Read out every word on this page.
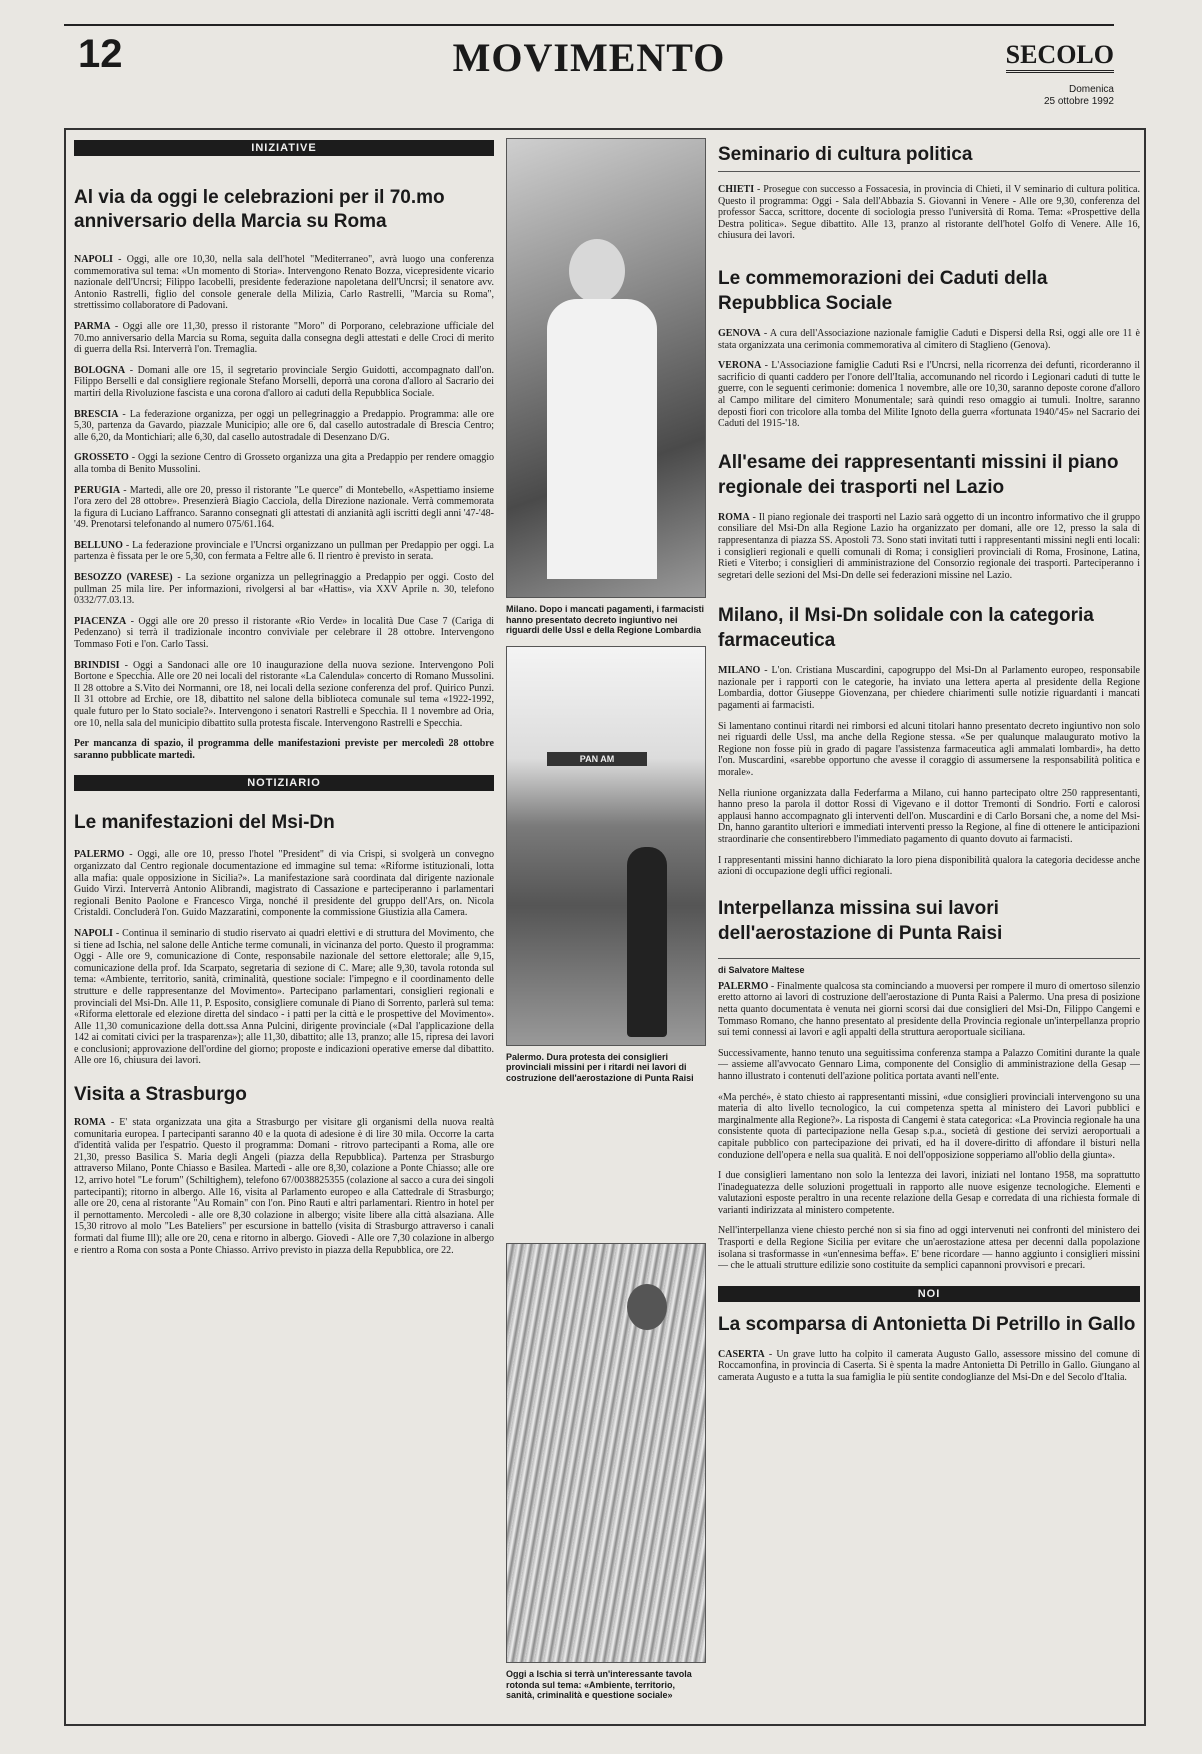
12	MOVIMENTO	SECOLO
Domenica
25 ottobre 1992
INIZIATIVE
Al via da oggi le celebrazioni per il 70.mo anniversario della Marcia su Roma

NAPOLI - Oggi, alle ore 10,30, nella sala dell'hotel "Mediterraneo", avrà luogo una conferenza commemorativa sul tema: «Un momento di Storia». Intervengono Renato Bozza, vicepresidente vicario nazionale dell'Uncrsi; Filippo Iacobelli, presidente federazione napoletana dell'Uncrsi; il senatore avv. Antonio Rastrelli, figlio del console generale della Milizia, Carlo Rastrelli, "Marcia su Roma", strettissimo collaboratore di Padovani.

PARMA - Oggi alle ore 11,30, presso il ristorante "Moro" di Porporano, celebrazione ufficiale del 70.mo anniversario della Marcia su Roma, seguita dalla consegna degli attestati e delle Croci di merito di guerra della Rsi. Interverrà l'on. Tremaglia.

BOLOGNA - Domani alle ore 15, il segretario provinciale Sergio Guidotti, accompagnato dall'on. Filippo Berselli e dal consigliere regionale Stefano Morselli, deporrà una corona d'alloro al Sacrario dei martiri della Rivoluzione fascista e una corona d'alloro ai caduti della Repubblica Sociale.

BRESCIA - La federazione organizza, per oggi un pellegrinaggio a Predappio. Programma: alle ore 5,30, partenza da Gavardo, piazzale Municipio; alle ore 6, dal casello autostradale di Brescia Centro; alle 6,20, da Montichiari; alle 6,30, dal casello autostradale di Desenzano D/G.

GROSSETO - Oggi la sezione Centro di Grosseto organizza una gita a Predappio per rendere omaggio alla tomba di Benito Mussolini.

PERUGIA - Martedì, alle ore 20, presso il ristorante "Le querce" di Montebello, «Aspettiamo insieme l'ora zero del 28 ottobre». Presenzierà Biagio Cacciola, della Direzione nazionale. Verrà commemorata la figura di Luciano Laffranco. Saranno consegnati gli attestati di anzianità agli iscritti degli anni '47-'48-'49. Prenotarsi telefonando al numero 075/61.164.

BELLUNO - La federazione provinciale e l'Uncrsi organizzano un pullman per Predappio per oggi. La partenza è fissata per le ore 5,30, con fermata a Feltre alle 6. Il rientro è previsto in serata.

BESOZZO (VARESE) - La sezione organizza un pellegrinaggio a Predappio per oggi. Costo del pullman 25 mila lire. Per informazioni, rivolgersi al bar «Hattis», via XXV Aprile n. 30, telefono 0332/77.03.13.

PIACENZA - Oggi alle ore 20 presso il ristorante «Rio Verde» in località Due Case 7 (Cariga di Pedenzano) si terrà il tradizionale incontro conviviale per celebrare il 28 ottobre. Intervengono Tommaso Foti e l'on. Carlo Tassi.

BRINDISI - Oggi a Sandonaci alle ore 10 inaugurazione della nuova sezione. Intervengono Poli Bortone e Specchia. Alle ore 20 nei locali del ristorante «La Calendula» concerto di Romano Mussolini. Il 28 ottobre a S.Vito dei Normanni, ore 18, nei locali della sezione conferenza del prof. Quirico Punzi. Il 31 ottobre ad Erchie, ore 18, dibattito nel salone della biblioteca comunale sul tema «1922-1992, quale futuro per lo Stato sociale?». Intervengono i senatori Rastrelli e Specchia. Il 1 novembre ad Oria, ore 10, nella sala del municipio dibattito sulla protesta fiscale. Intervengono Rastrelli e Specchia.

Per mancanza di spazio, il programma delle manifestazioni previste per mercoledì 28 ottobre saranno pubblicate martedì.

NOTIZIARIO
Le manifestazioni del Msi-Dn

PALERMO - Oggi, alle ore 10, presso l'hotel "President" di via Crispi, si svolgerà un convegno organizzato dal Centro regionale documentazione ed immagine sul tema: «Riforme istituzionali, lotta alla mafia: quale opposizione in Sicilia?». La manifestazione sarà coordinata dal dirigente nazionale Guido Virzì. Interverrà Antonio Alibrandi, magistrato di Cassazione e parteciperanno i parlamentari regionali Benito Paolone e Francesco Virga, nonché il presidente del gruppo dell'Ars, on. Nicola Cristaldi. Concluderà l'on. Guido Mazzaratini, componente la commissione Giustizia alla Camera.

NAPOLI - Continua il seminario di studio riservato ai quadri elettivi e di struttura del Movimento, che si tiene ad Ischia, nel salone delle Antiche terme comunali, in vicinanza del porto. Questo il programma: Oggi - Alle ore 9, comunicazione di Conte, responsabile nazionale del settore elettorale; alle 9,15, comunicazione della prof. Ida Scarpato, segretaria di sezione di C. Mare; alle 9,30, tavola rotonda sul tema: «Ambiente, territorio, sanità, criminalità, questione sociale: l'impegno e il coordinamento delle strutture e delle rappresentanze del Movimento». Partecipano parlamentari, consiglieri regionali e provinciali del Msi-Dn. Alle 11, P. Esposito, consigliere comunale di Piano di Sorrento, parlerà sul tema: «Riforma elettorale ed elezione diretta del sindaco - i patti per la città e le prospettive del Movimento». Alle 11,30 comunicazione della dott.ssa Anna Pulcini, dirigente provinciale («Dal l'applicazione della 142 ai comitati civici per la trasparenza»); alle 11,30, dibattito; alle 13, pranzo; alle 15, ripresa dei lavori e conclusioni; approvazione dell'ordine del giorno; proposte e indicazioni operative emerse dal dibattito. Alle ore 16, chiusura dei lavori.

Visita a Strasburgo

ROMA - E' stata organizzata una gita a Strasburgo per visitare gli organismi della nuova realtà comunitaria europea. I partecipanti saranno 40 e la quota di adesione è di lire 30 mila. Occorre la carta d'identità valida per l'espatrio. Questo il programma: Domani - ritrovo partecipanti a Roma, alle ore 21,30, presso Basilica S. Maria degli Angeli (piazza della Repubblica). Partenza per Strasburgo attraverso Milano, Ponte Chiasso e Basilea. Martedì - alle ore 8,30, colazione a Ponte Chiasso; alle ore 12, arrivo hotel "Le forum" (Schiltighem), telefono 67/0038825355 (colazione al sacco a cura dei singoli partecipanti); ritorno in albergo. Alle 16, visita al Parlamento europeo e alla Cattedrale di Strasburgo; alle ore 20, cena al ristorante "Au Romain" con l'on. Pino Rauti e altri parlamentari. Rientro in hotel per il pernottamento. Mercoledì - alle ore 8,30 colazione in albergo; visite libere alla città alsaziana. Alle 15,30 ritrovo al molo "Les Bateliers" per escursione in battello (visita di Strasburgo attraverso i canali formati dal fiume Ill); alle ore 20, cena e ritorno in albergo. Giovedì - Alle ore 7,30 colazione in albergo e rientro a Roma con sosta a Ponte Chiasso. Arrivo previsto in piazza della Repubblica, ore 22.

Milano. Dopo i mancati pagamenti, i farmacisti hanno presentato decreto ingiuntivo nei riguardi delle Ussl e della Regione Lombardia
PAN AM
Palermo. Dura protesta dei consiglieri provinciali missini per i ritardi nei lavori di costruzione dell'aerostazione di Punta Raisi
Oggi a Ischia si terrà un'interessante tavola rotonda sul tema: «Ambiente, territorio, sanità, criminalità e questione sociale»
Seminario di cultura politica

CHIETI - Prosegue con successo a Fossacesia, in provincia di Chieti, il V seminario di cultura politica. Questo il programma: Oggi - Sala dell'Abbazia S. Giovanni in Venere - Alle ore 9,30, conferenza del professor Sacca, scrittore, docente di sociologia presso l'università di Roma. Tema: «Prospettive della Destra politica». Segue dibattito. Alle 13, pranzo al ristorante dell'hotel Golfo di Venere. Alle 16, chiusura dei lavori.

Le commemorazioni dei Caduti della Repubblica Sociale

GENOVA - A cura dell'Associazione nazionale famiglie Caduti e Dispersi della Rsi, oggi alle ore 11 è stata organizzata una cerimonia commemorativa al cimitero di Staglieno (Genova).

VERONA - L'Associazione famiglie Caduti Rsi e l'Uncrsi, nella ricorrenza dei defunti, ricorderanno il sacrificio di quanti caddero per l'onore dell'Italia, accomunando nel ricordo i Legionari caduti di tutte le guerre, con le seguenti cerimonie: domenica 1 novembre, alle ore 10,30, saranno deposte corone d'alloro al Campo militare del cimitero Monumentale; sarà quindi reso omaggio ai tumuli. Inoltre, saranno deposti fiori con tricolore alla tomba del Milite Ignoto della guerra «fortunata 1940/'45» nel Sacrario dei Caduti del 1915-'18.

All'esame dei rappresentanti missini il piano regionale dei trasporti nel Lazio

ROMA - Il piano regionale dei trasporti nel Lazio sarà oggetto di un incontro informativo che il gruppo consiliare del Msi-Dn alla Regione Lazio ha organizzato per domani, alle ore 12, presso la sala di rappresentanza di piazza SS. Apostoli 73. Sono stati invitati tutti i rappresentanti missini negli enti locali: i consiglieri regionali e quelli comunali di Roma; i consiglieri provinciali di Roma, Frosinone, Latina, Rieti e Viterbo; i consiglieri di amministrazione del Consorzio regionale dei trasporti. Parteciperanno i segretari delle sezioni del Msi-Dn delle sei federazioni missine nel Lazio.

Milano, il Msi-Dn solidale con la categoria farmaceutica

MILANO - L'on. Cristiana Muscardini, capogruppo del Msi-Dn al Parlamento europeo, responsabile nazionale per i rapporti con le categorie, ha inviato una lettera aperta al presidente della Regione Lombardia, dottor Giuseppe Giovenzana, per chiedere chiarimenti sulle notizie riguardanti i mancati pagamenti ai farmacisti.

Si lamentano continui ritardi nei rimborsi ed alcuni titolari hanno presentato decreto ingiuntivo non solo nei riguardi delle Ussl, ma anche della Regione stessa. «Se per qualunque malaugurato motivo la Regione non fosse più in grado di pagare l'assistenza farmaceutica agli ammalati lombardi», ha detto l'on. Muscardini, «sarebbe opportuno che avesse il coraggio di assumersene la responsabilità politica e morale».

Nella riunione organizzata dalla Federfarma a Milano, cui hanno partecipato oltre 250 rappresentanti, hanno preso la parola il dottor Rossi di Vigevano e il dottor Tremonti di Sondrio. Forti e calorosi applausi hanno accompagnato gli interventi dell'on. Muscardini e di Carlo Borsani che, a nome del Msi-Dn, hanno garantito ulteriori e immediati interventi presso la Regione, al fine di ottenere le anticipazioni straordinarie che consentirebbero l'immediato pagamento di quanto dovuto ai farmacisti.

I rappresentanti missini hanno dichiarato la loro piena disponibilità qualora la categoria decidesse anche azioni di occupazione degli uffici regionali.

Interpellanza missina sui lavori dell'aerostazione di Punta Raisi
di Salvatore Maltese

PALERMO - Finalmente qualcosa sta cominciando a muoversi per rompere il muro di omertoso silenzio eretto attorno ai lavori di costruzione dell'aerostazione di Punta Raisi a Palermo. Una presa di posizione netta quanto documentata è venuta nei giorni scorsi dai due consiglieri del Msi-Dn, Filippo Cangemi e Tommaso Romano, che hanno presentato al presidente della Provincia regionale un'interpellanza proprio sui temi connessi ai lavori e agli appalti della struttura aeroportuale siciliana.

Successivamente, hanno tenuto una seguitissima conferenza stampa a Palazzo Comitini durante la quale — assieme all'avvocato Gennaro Lima, componente del Consiglio di amministrazione della Gesap — hanno illustrato i contenuti dell'azione politica portata avanti nell'ente.

«Ma perché», è stato chiesto ai rappresentanti missini, «due consiglieri provinciali intervengono su una materia di alto livello tecnologico, la cui competenza spetta al ministero dei Lavori pubblici e marginalmente alla Regione?». La risposta di Cangemi è stata categorica: «La Provincia regionale ha una consistente quota di partecipazione nella Gesap s.p.a., società di gestione dei servizi aeroportuali a capitale pubblico con partecipazione dei privati, ed ha il dovere-diritto di affondare il bisturi nella conduzione dell'opera e nella sua qualità. E noi dell'opposizione sopperiamo all'oblio della giunta».

I due consiglieri lamentano non solo la lentezza dei lavori, iniziati nel lontano 1958, ma soprattutto l'inadeguatezza delle soluzioni progettuali in rapporto alle nuove esigenze tecnologiche. Elementi e valutazioni esposte peraltro in una recente relazione della Gesap e corredata di una richiesta formale di varianti indirizzata al ministero competente.

Nell'interpellanza viene chiesto perché non si sia fino ad oggi intervenuti nei confronti del ministero dei Trasporti e della Regione Sicilia per evitare che un'aerostazione attesa per decenni dalla popolazione isolana si trasformasse in «un'ennesima beffa». E' bene ricordare — hanno aggiunto i consiglieri missini — che le attuali strutture edilizie sono costituite da semplici capannoni provvisori e precari.

NOI
La scomparsa di Antonietta Di Petrillo in Gallo

CASERTA - Un grave lutto ha colpito il camerata Augusto Gallo, assessore missino del comune di Roccamonfina, in provincia di Caserta. Si è spenta la madre Antonietta Di Petrillo in Gallo. Giungano al camerata Augusto e a tutta la sua famiglia le più sentite condoglianze del Msi-Dn e del Secolo d'Italia.
